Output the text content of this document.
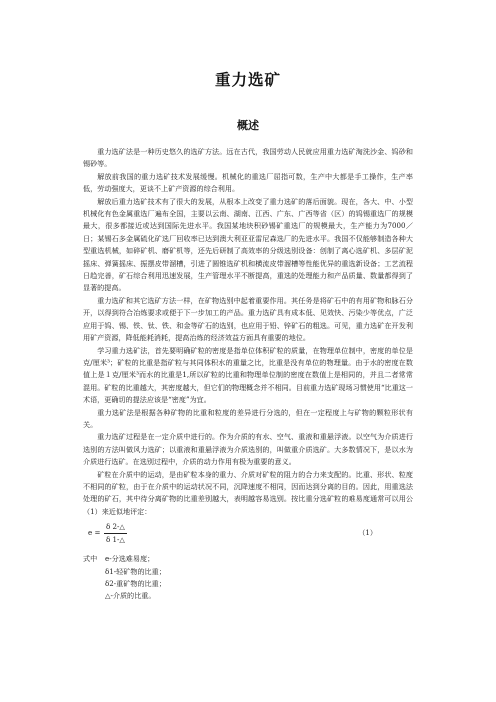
重力选矿
概述

重力选矿法是一种历史悠久的选矿方法。远在古代，我国劳动人民就应用重力选矿淘洗沙金、钨砂和锡砂等。

解放前我国的重力选矿技术发展缓慢。机械化的重选厂屈指可数，生产中大都是手工操作，生产率低，劳动强度大，更谈不上矿产资源的综合利用。

解放后重力选矿技术有了很大的发展，从根本上改变了重力选矿的落后面貌。现在，各大、中、小型机械化有色金属重选厂遍布全国，主要以云南、湖南、江西、广东、广西等省（区）的钨锡重选厂的规模最大，很多都接近或达到国际先进水平。我国某地块积砂锡矿重选厂的规模最大，生产能力为7000／日；某锡石多金属硫化矿选厂回收率已达到澳大利亚亚雷尼森选厂的先进水平。我国不仅能够制造各种大型重选机械，如碎矿机、磨矿机等，还先后研制了高效率的分级选别设备：创制了离心选矿机、多层矿泥摇床、弹簧摇床、振摆皮带溜槽，引进了圆锥选矿机和横流皮带溜槽等性能优异的重选新设备；工艺流程日趋完善，矿石综合利用迅速发展，生产管理水平不断提高，重选的处理能力和产品质量、数量都得到了显著的提高。

重力选矿和其它选矿方法一样，在矿物选别中起着重要作用。其任务是将矿石中的有用矿物和脉石分开，以得到符合冶炼要求或便于下一步加工的产品。重力选矿具有成本低、见效快、污染少等优点，广泛应用于钨、锡、铁、钛、铁、和金等矿石的选别，也应用于铅、锌矿石的粗选。可见，重力选矿在开发利用矿产资源，降低能耗消耗，提高治炼的经济效益方面具有重要的地位。

学习重力选矿法，首先要明确矿粒的密度是指单位体积矿粒的质量，在物理单位制中，密度的单位是克/厘米³；矿粒的比重是指矿粒与其同体积水的重量之比，比重是没有单位的物理量。由于水的密度在数值上是１克/厘米³而水的比重是1,所以矿粒的比重和物理单位制的密度在数值上是相同的，并且二者常常混用。矿粒的比重越大，其密度越大，但它们的物理概念并不相同。目前重力选矿现场习惯使用“比重这一术语，更确切的提法应该是“密度”为宜。

重力选矿法是根据各种矿物的比重和粒度的差异进行分选的，但在一定程度上与矿物的颗粒形状有关。

重力选矿过程是在一定介质中进行的。作为介质的有水、空气、重液和重悬浮液。以空气为介质进行选别的方法叫做风力选矿；以重液和重悬浮液为介质选别的，叫做重介质选矿。大多数情况下，是以水为介质进行选矿。在选别过程中，介质的动力作用有极为重要的意义。

矿粒在介质中的运动，是由矿粒本身的重力、介质对矿粒的阻力的合力来支配的。比重、形状、粒度不相同的矿粒，由于在介质中的运动状况不同，沉降速度不相同，因而达到分离的目的。因此，用重选法处理的矿石，其中待分离矿物的比重差别越大，表明越容易选别。按比重分选矿粒的难易度通常可以用公（1）来近似地评定：

$e = \frac{\delta 2-\triangle}{\delta 1-\triangle}$	（1）
式中	e-分选难易度；
δ1-轻矿物的比重；
δ2-重矿物的比重；
△-介质的比重。
